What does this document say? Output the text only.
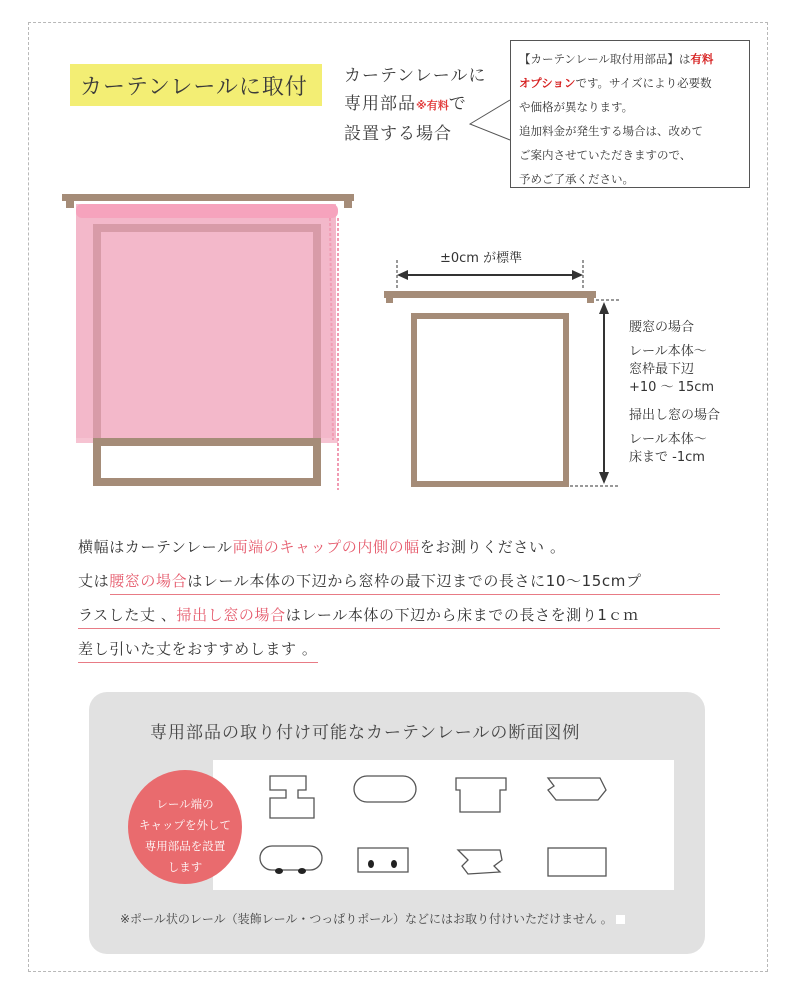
カーテンレールに取付 カーテンレールに
専用部品※有料で
設置する場合
【カーテンレール取付用部品】は有料
オプションです。サイズにより必要数
や価格が異なります。
追加料金が発生する場合は、改めて
ご案内させていただきますので、
予めご了承ください。
±0cm が標準
腰窓の場合
レール本体〜
窓枠最下辺
+10 〜 15cm
掃出し窓の場合
レール本体〜
床まで -1cm
横幅はカーテンレール両端のキャップの内側の幅をお測りください 。
丈は腰窓の場合はレール本体の下辺から窓枠の最下辺までの長さに10〜15cmプ
ラスした丈 、掃出し窓の場合はレール本体の下辺から床までの長さを測り1ｃｍ
差し引いた丈をおすすめします 。
専用部品の取り付け可能なカーテンレールの断面図例
レール端の
キャップを外して
専用部品を設置
します
※ポール状のレール（装飾レール・つっぱりポール）などにはお取り付けいただけません 。
